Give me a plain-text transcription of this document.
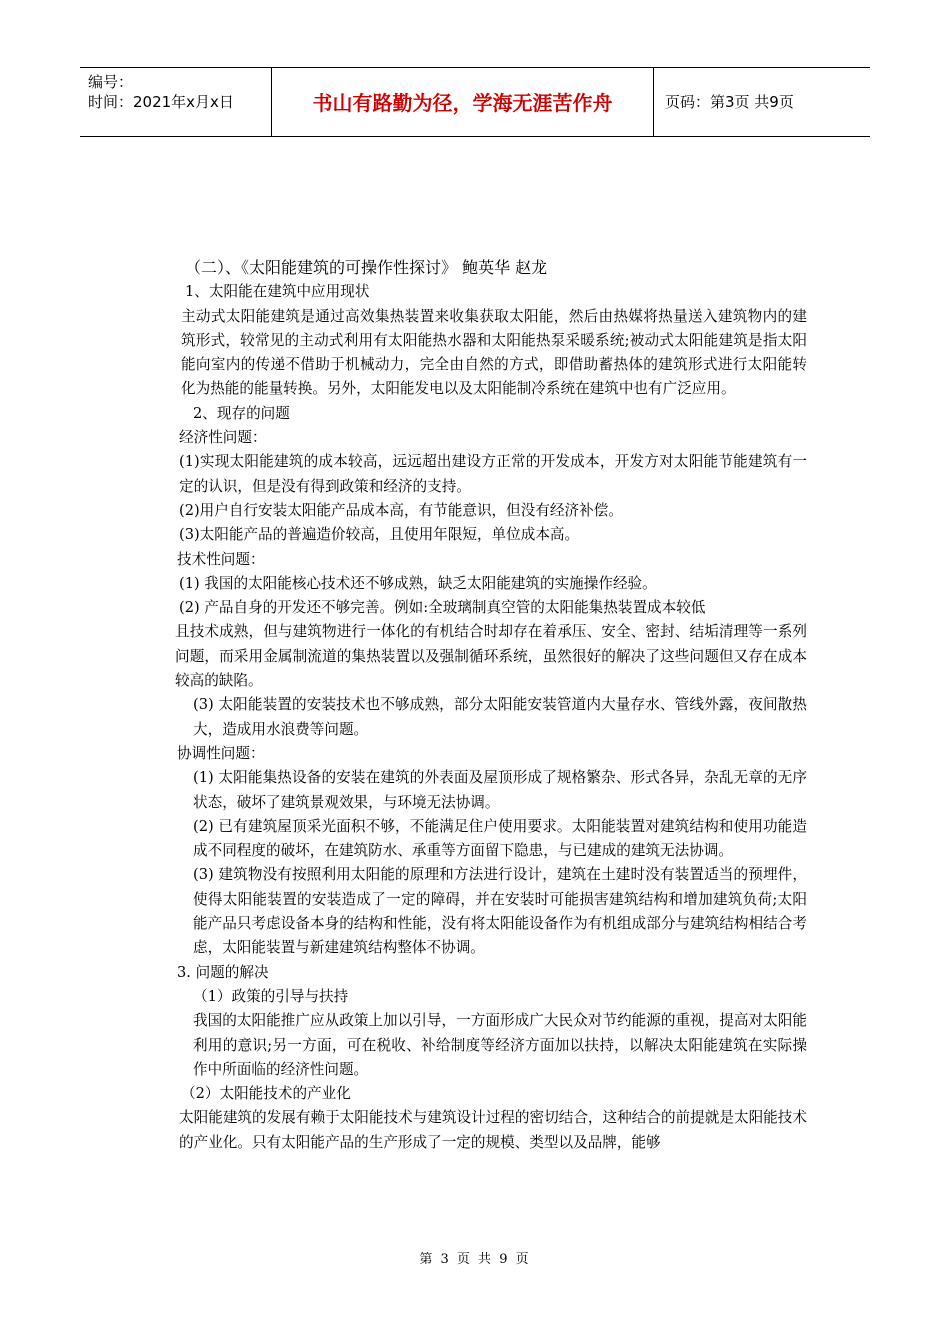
编号：
时间：2021年x月x日	书山有路勤为径，学海无涯苦作舟	页码：第3页 共9页

（二）、《太阳能建筑的可操作性探讨》 鲍英华 赵龙

1、太阳能在建筑中应用现状

主动式太阳能建筑是通过高效集热装置来收集获取太阳能，然后由热媒将热量送入建筑物内的建筑形式，较常见的主动式利用有太阳能热水器和太阳能热泵采暖系统;被动式太阳能建筑是指太阳能向室内的传递不借助于机械动力，完全由自然的方式，即借助蓄热体的建筑形式进行太阳能转化为热能的能量转换。另外，太阳能发电以及太阳能制冷系统在建筑中也有广泛应用。

2、现存的问题

经济性问题：

(1)实现太阳能建筑的成本较高，远远超出建设方正常的开发成本，开发方对太阳能节能建筑有一定的认识，但是没有得到政策和经济的支持。

(2)用户自行安装太阳能产品成本高，有节能意识，但没有经济补偿。

(3)太阳能产品的普遍造价较高，且使用年限短，单位成本高。

技术性问题：

(1) 我国的太阳能核心技术还不够成熟，缺乏太阳能建筑的实施操作经验。

(2) 产品自身的开发还不够完善。例如:全玻璃制真空管的太阳能集热装置成本较低

且技术成熟，但与建筑物进行一体化的有机结合时却存在着承压、安全、密封、结垢清理等一系列问题，而采用金属制流道的集热装置以及强制循环系统，虽然很好的解决了这些问题但又存在成本较高的缺陷。

(3) 太阳能装置的安装技术也不够成熟，部分太阳能安装管道内大量存水、管线外露，夜间散热大，造成用水浪费等问题。

协调性问题：

(1) 太阳能集热设备的安装在建筑的外表面及屋顶形成了规格繁杂、形式各异，杂乱无章的无序状态，破坏了建筑景观效果，与环境无法协调。

(2) 已有建筑屋顶采光面积不够，不能满足住户使用要求。太阳能装置对建筑结构和使用功能造成不同程度的破坏，在建筑防水、承重等方面留下隐患，与已建成的建筑无法协调。

(3) 建筑物没有按照利用太阳能的原理和方法进行设计，建筑在土建时没有装置适当的预埋件，使得太阳能装置的安装造成了一定的障碍，并在安装时可能损害建筑结构和增加建筑负荷;太阳能产品只考虑设备本身的结构和性能，没有将太阳能设备作为有机组成部分与建筑结构相结合考虑，太阳能装置与新建建筑结构整体不协调。

3. 问题的解决

（1）政策的引导与扶持

我国的太阳能推广应从政策上加以引导，一方面形成广大民众对节约能源的重视，提高对太阳能利用的意识;另一方面，可在税收、补给制度等经济方面加以扶持，以解决太阳能建筑在实际操作中所面临的经济性问题。

（2）太阳能技术的产业化

太阳能建筑的发展有赖于太阳能技术与建筑设计过程的密切结合，这种结合的前提就是太阳能技术的产业化。只有太阳能产品的生产形成了一定的规模、类型以及品牌，能够

第 3 页 共 9 页
